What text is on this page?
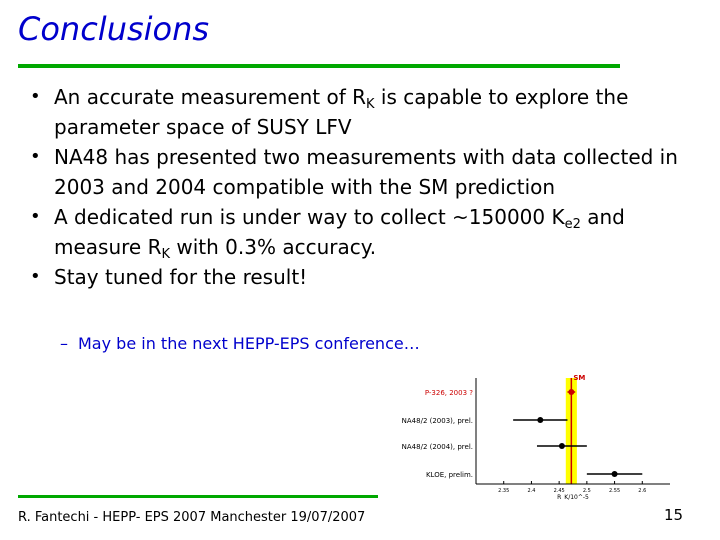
Conclusions
• An accurate measurement of $R_K$ is capable to explore the parameter space of SUSY LFV
• NA48 has presented two measurements with data collected in 2003 and 2004 compatible with the SM prediction
• A dedicated run is under way to collect ~150000 $K_{e2}$ and measure $R_K$ with 0.3% accuracy.
• Stay tuned for the result!
– May be in the next HEPP-EPS conference…
SM
P-326, 2003 ?
NA48/2 (2003), prel.
NA48/2 (2004), prel.
KLOE, prelim.
2.35	2.4	2.45	2.5	2.55	2.6
R_K/10^-5
R. Fantechi - HEPP- EPS 2007 Manchester 19/07/2007	15
